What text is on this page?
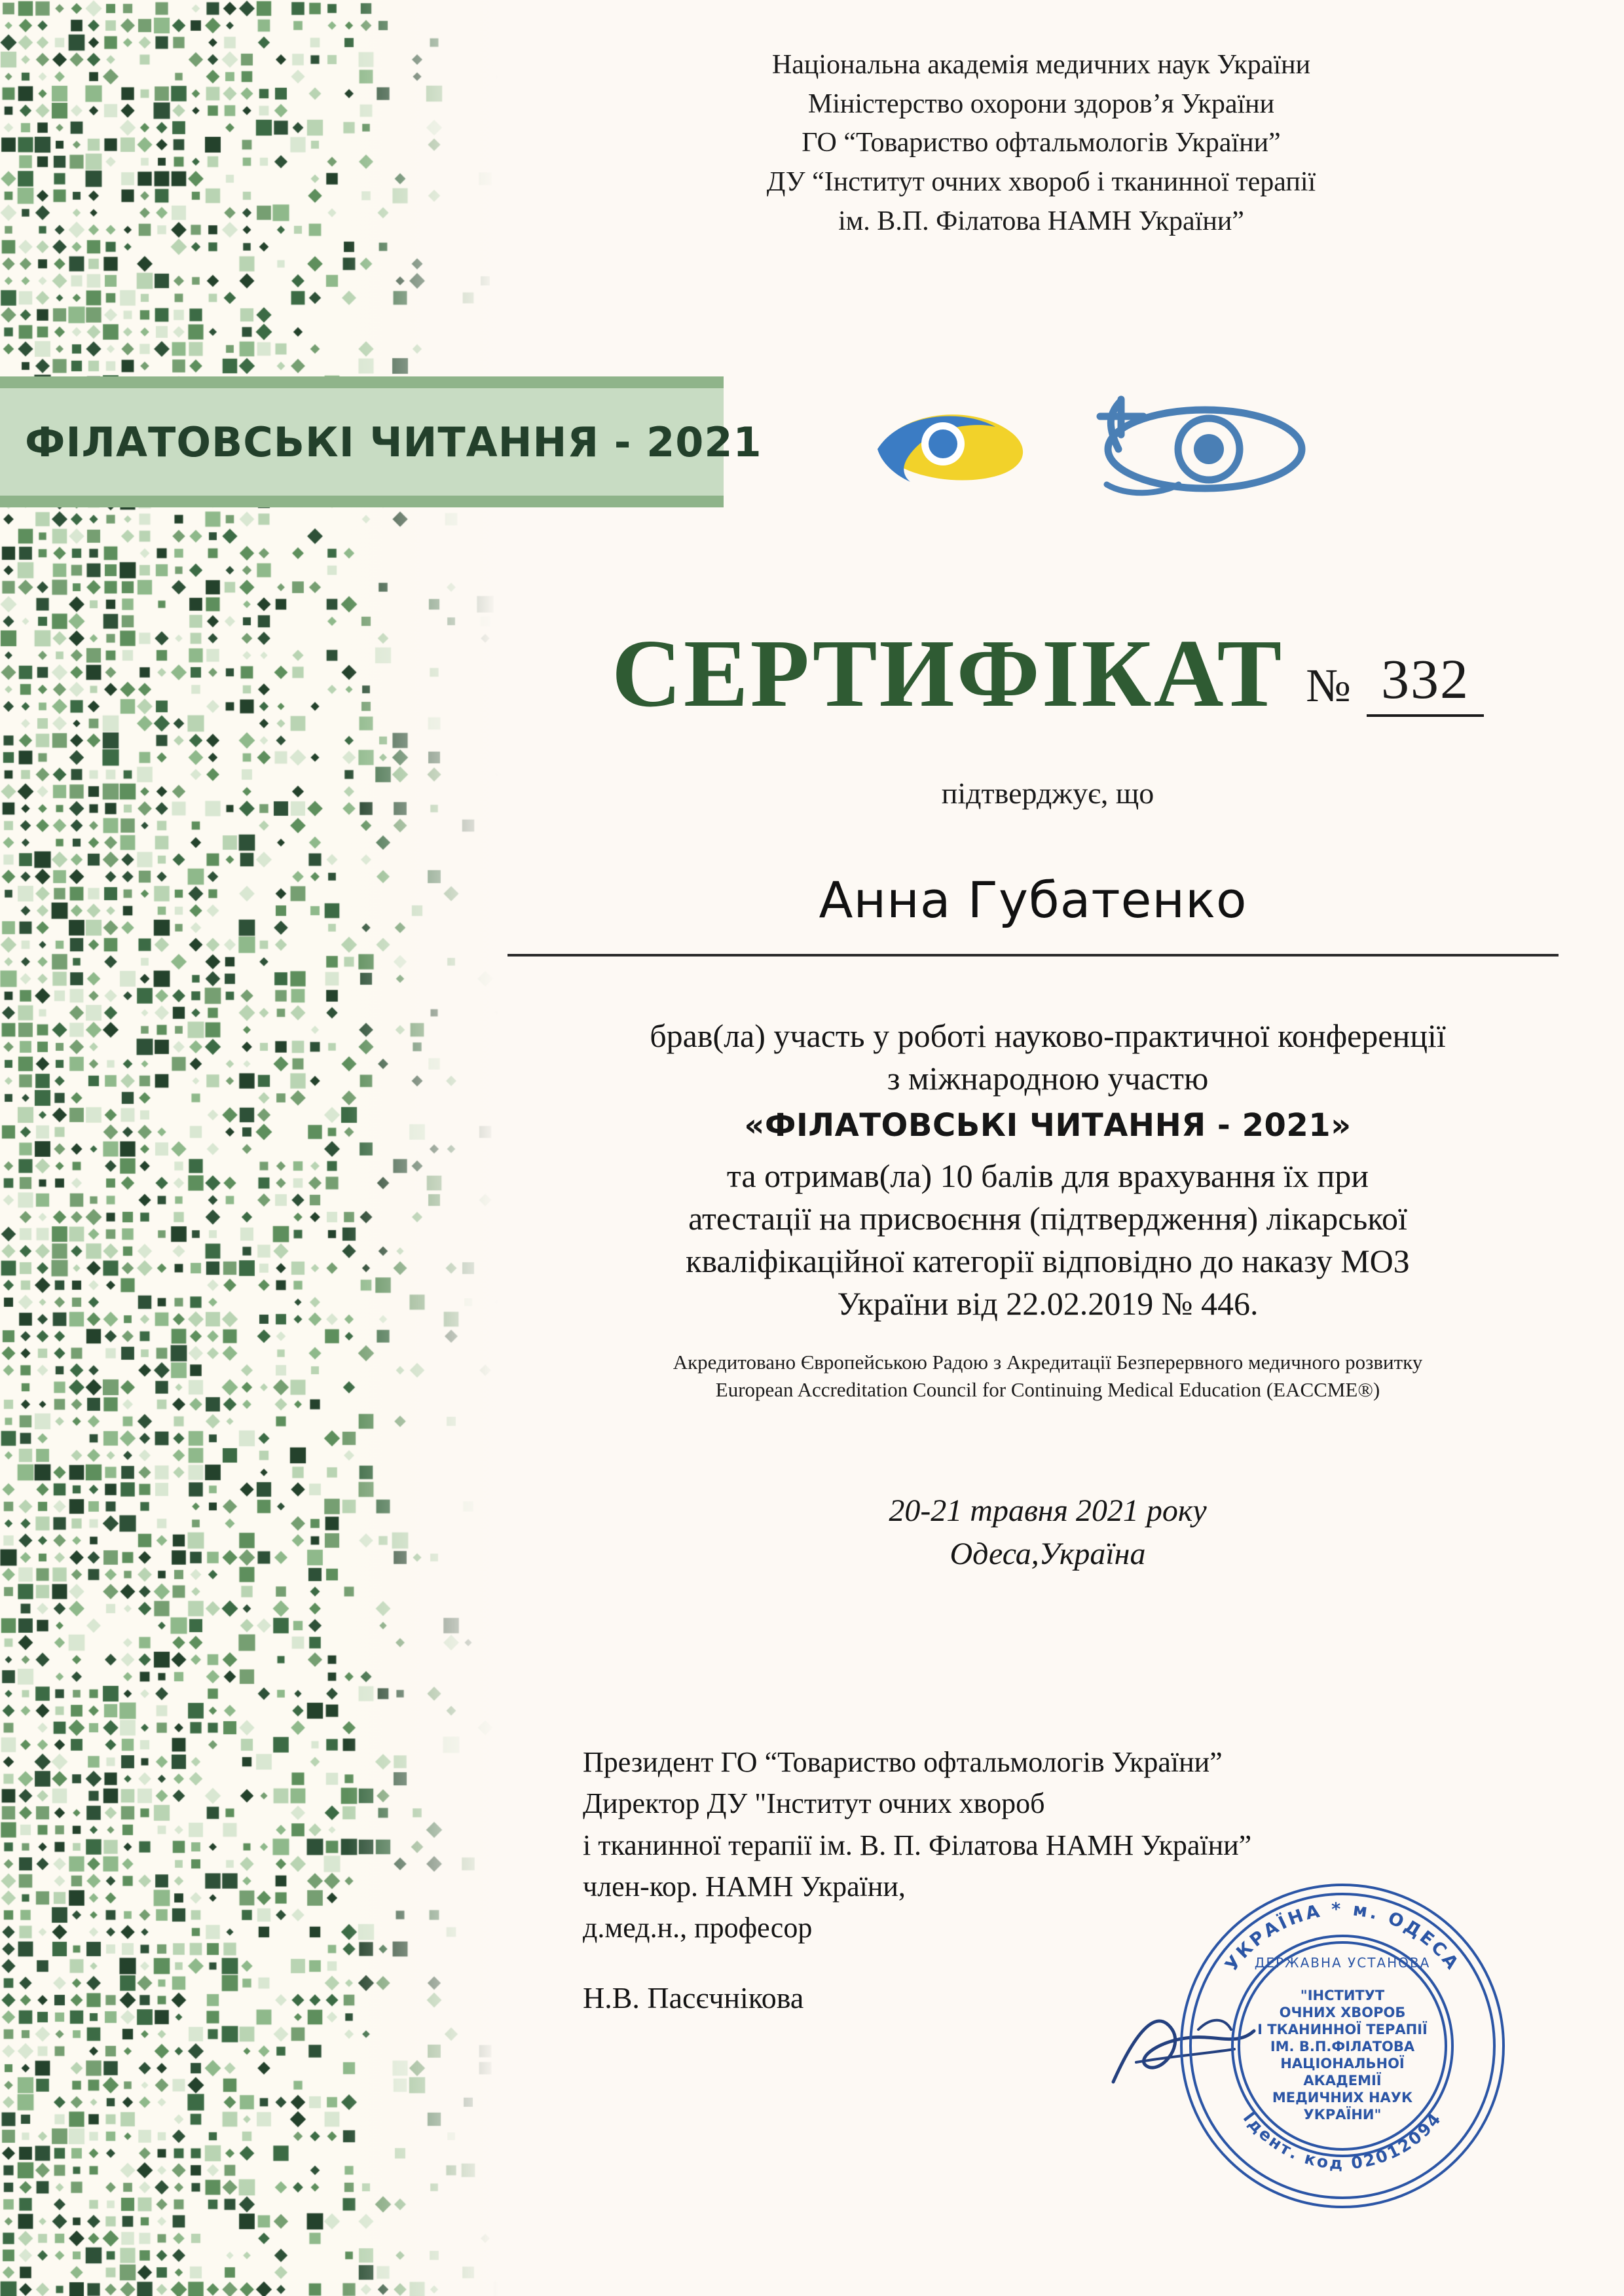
Національна академія медичних наук України
Міністерство охорони здоров’я України
ГО “Товариство офтальмологів України”
ДУ “Інститут очних хвороб і тканинної терапії
ім. В.П. Філатова НАМН України”
ФІЛАТОВСЬКІ ЧИТАННЯ - 2021
СЕРТИФІКАТ № 332
підтверджує, що
Анна Губатенко

брав(ла) участь у роботі науково-практичної конференції

з міжнародною участю

«ФІЛАТОВСЬКІ ЧИТАННЯ - 2021»

та отримав(ла) 10 балів для врахування їх при

атестації на присвоєння (підтвердження) лікарської

кваліфікаційної категорії відповідно до наказу МОЗ

України від 22.02.2019 № 446.

Акредитовано Європейською Радою з Акредитації Безперервного медичного розвитку
European Accreditation Council for Continuing Medical Education (EACCME®)
20-21 травня 2021 року
Одеса,Україна
Президент ГО “Товариство офтальмологів України”
Директор ДУ "Інститут очних хвороб
і тканинної терапії ім. В. П. Філатова НАМН України”
член-кор. НАМН України,
д.мед.н., професор
Н.В. Пасєчнікова
УКРАЇНА * м. ОДЕСА
Ідент. код 02012094
ДЕРЖАВНА УСТАНОВА
"ІНСТИТУТ
ОЧНИХ ХВОРОБ
І ТКАНИННОЇ ТЕРАПІЇ
ІМ. В.П.ФІЛАТОВА
НАЦІОНАЛЬНОЇ
АКАДЕМІЇ
МЕДИЧНИХ НАУК
УКРАЇНИ"
